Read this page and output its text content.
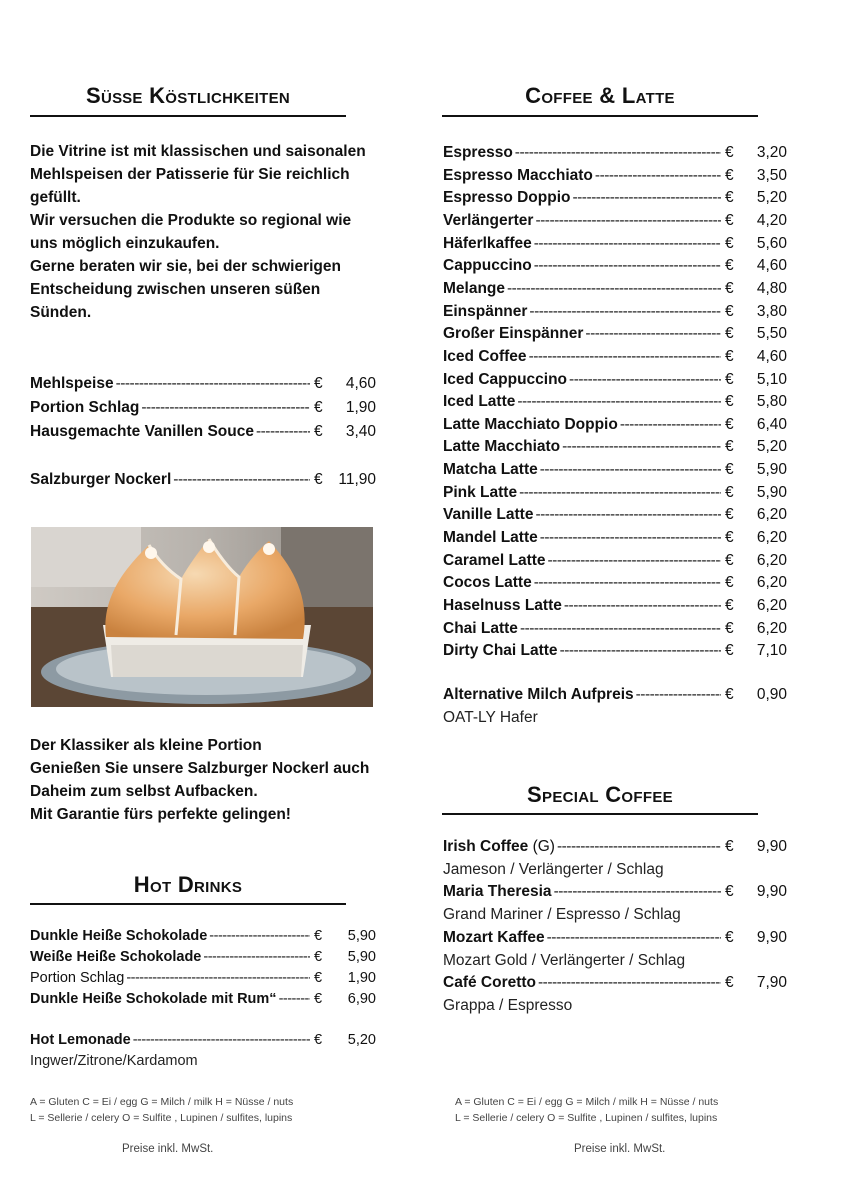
Süße Köstlichkeiten
Die Vitrine ist mit klassischen und saisonalen
Mehlspeisen der Patisserie für Sie reichlich
gefüllt.
Wir versuchen die Produkte so regional wie
uns möglich einzukaufen.
Gerne beraten wir sie, bei der schwierigen
Entscheidung zwischen unseren süßen
Sünden.
Mehlspeise -----	€	4,60
Portion Schlag -----	€	1,90
Hausgemachte Vanillen Souce -----	€	3,40
Salzburger Nockerl -----	€	11,90
Der Klassiker als kleine Portion
Genießen Sie unsere Salzburger Nockerl auch
Daheim zum selbst Aufbacken.
Mit Garantie fürs perfekte gelingen!
Hot Drinks
Dunkle Heiße Schokolade -----	€	5,90
Weiße Heiße Schokolade -----	€	5,90
Portion Schlag -----	€	1,90
Dunkle Heiße Schokolade mit Rum“ -----	€	6,90
Hot Lemonade -----	€	5,20
Ingwer/Zitrone/Kardamom
A = Gluten C = Ei / egg G = Milch / milk H = Nüsse / nuts
L = Sellerie / celery O = Sulfite , Lupinen / sulfites, lupins
Preise inkl. MwSt.
Coffee & Latte
Espresso -----	€	3,20
Espresso Macchiato -----	€	3,50
Espresso Doppio -----	€	5,20
Verlängerter -----	€	4,20
Häferlkaffee -----	€	5,60
Cappuccino -----	€	4,60
Melange -----	€	4,80
Einspänner -----	€	3,80
Großer Einspänner -----	€	5,50
Iced Coffee -----	€	4,60
Iced Cappuccino -----	€	5,10
Iced Latte -----	€	5,80
Latte Macchiato Doppio -----	€	6,40
Latte Macchiato -----	€	5,20
Matcha Latte -----	€	5,90
Pink Latte -----	€	5,90
Vanille Latte -----	€	6,20
Mandel Latte -----	€	6,20
Caramel Latte -----	€	6,20
Cocos Latte -----	€	6,20
Haselnuss Latte -----	€	6,20
Chai Latte -----	€	6,20
Dirty Chai Latte -----	€	7,10
Alternative Milch Aufpreis -----	€	0,90
OAT-LY Hafer
Special Coffee
Irish Coffee (G) -----	€	9,90
Jameson / Verlängerter / Schlag
Maria Theresia -----	€	9,90
Grand Mariner / Espresso / Schlag
Mozart Kaffee -----	€	9,90
Mozart Gold / Verlängerter / Schlag
Café Coretto -----	€	7,90
Grappa / Espresso
A = Gluten C = Ei / egg G = Milch / milk H = Nüsse / nuts
L = Sellerie / celery O = Sulfite , Lupinen / sulfites, lupins
Preise inkl. MwSt.
